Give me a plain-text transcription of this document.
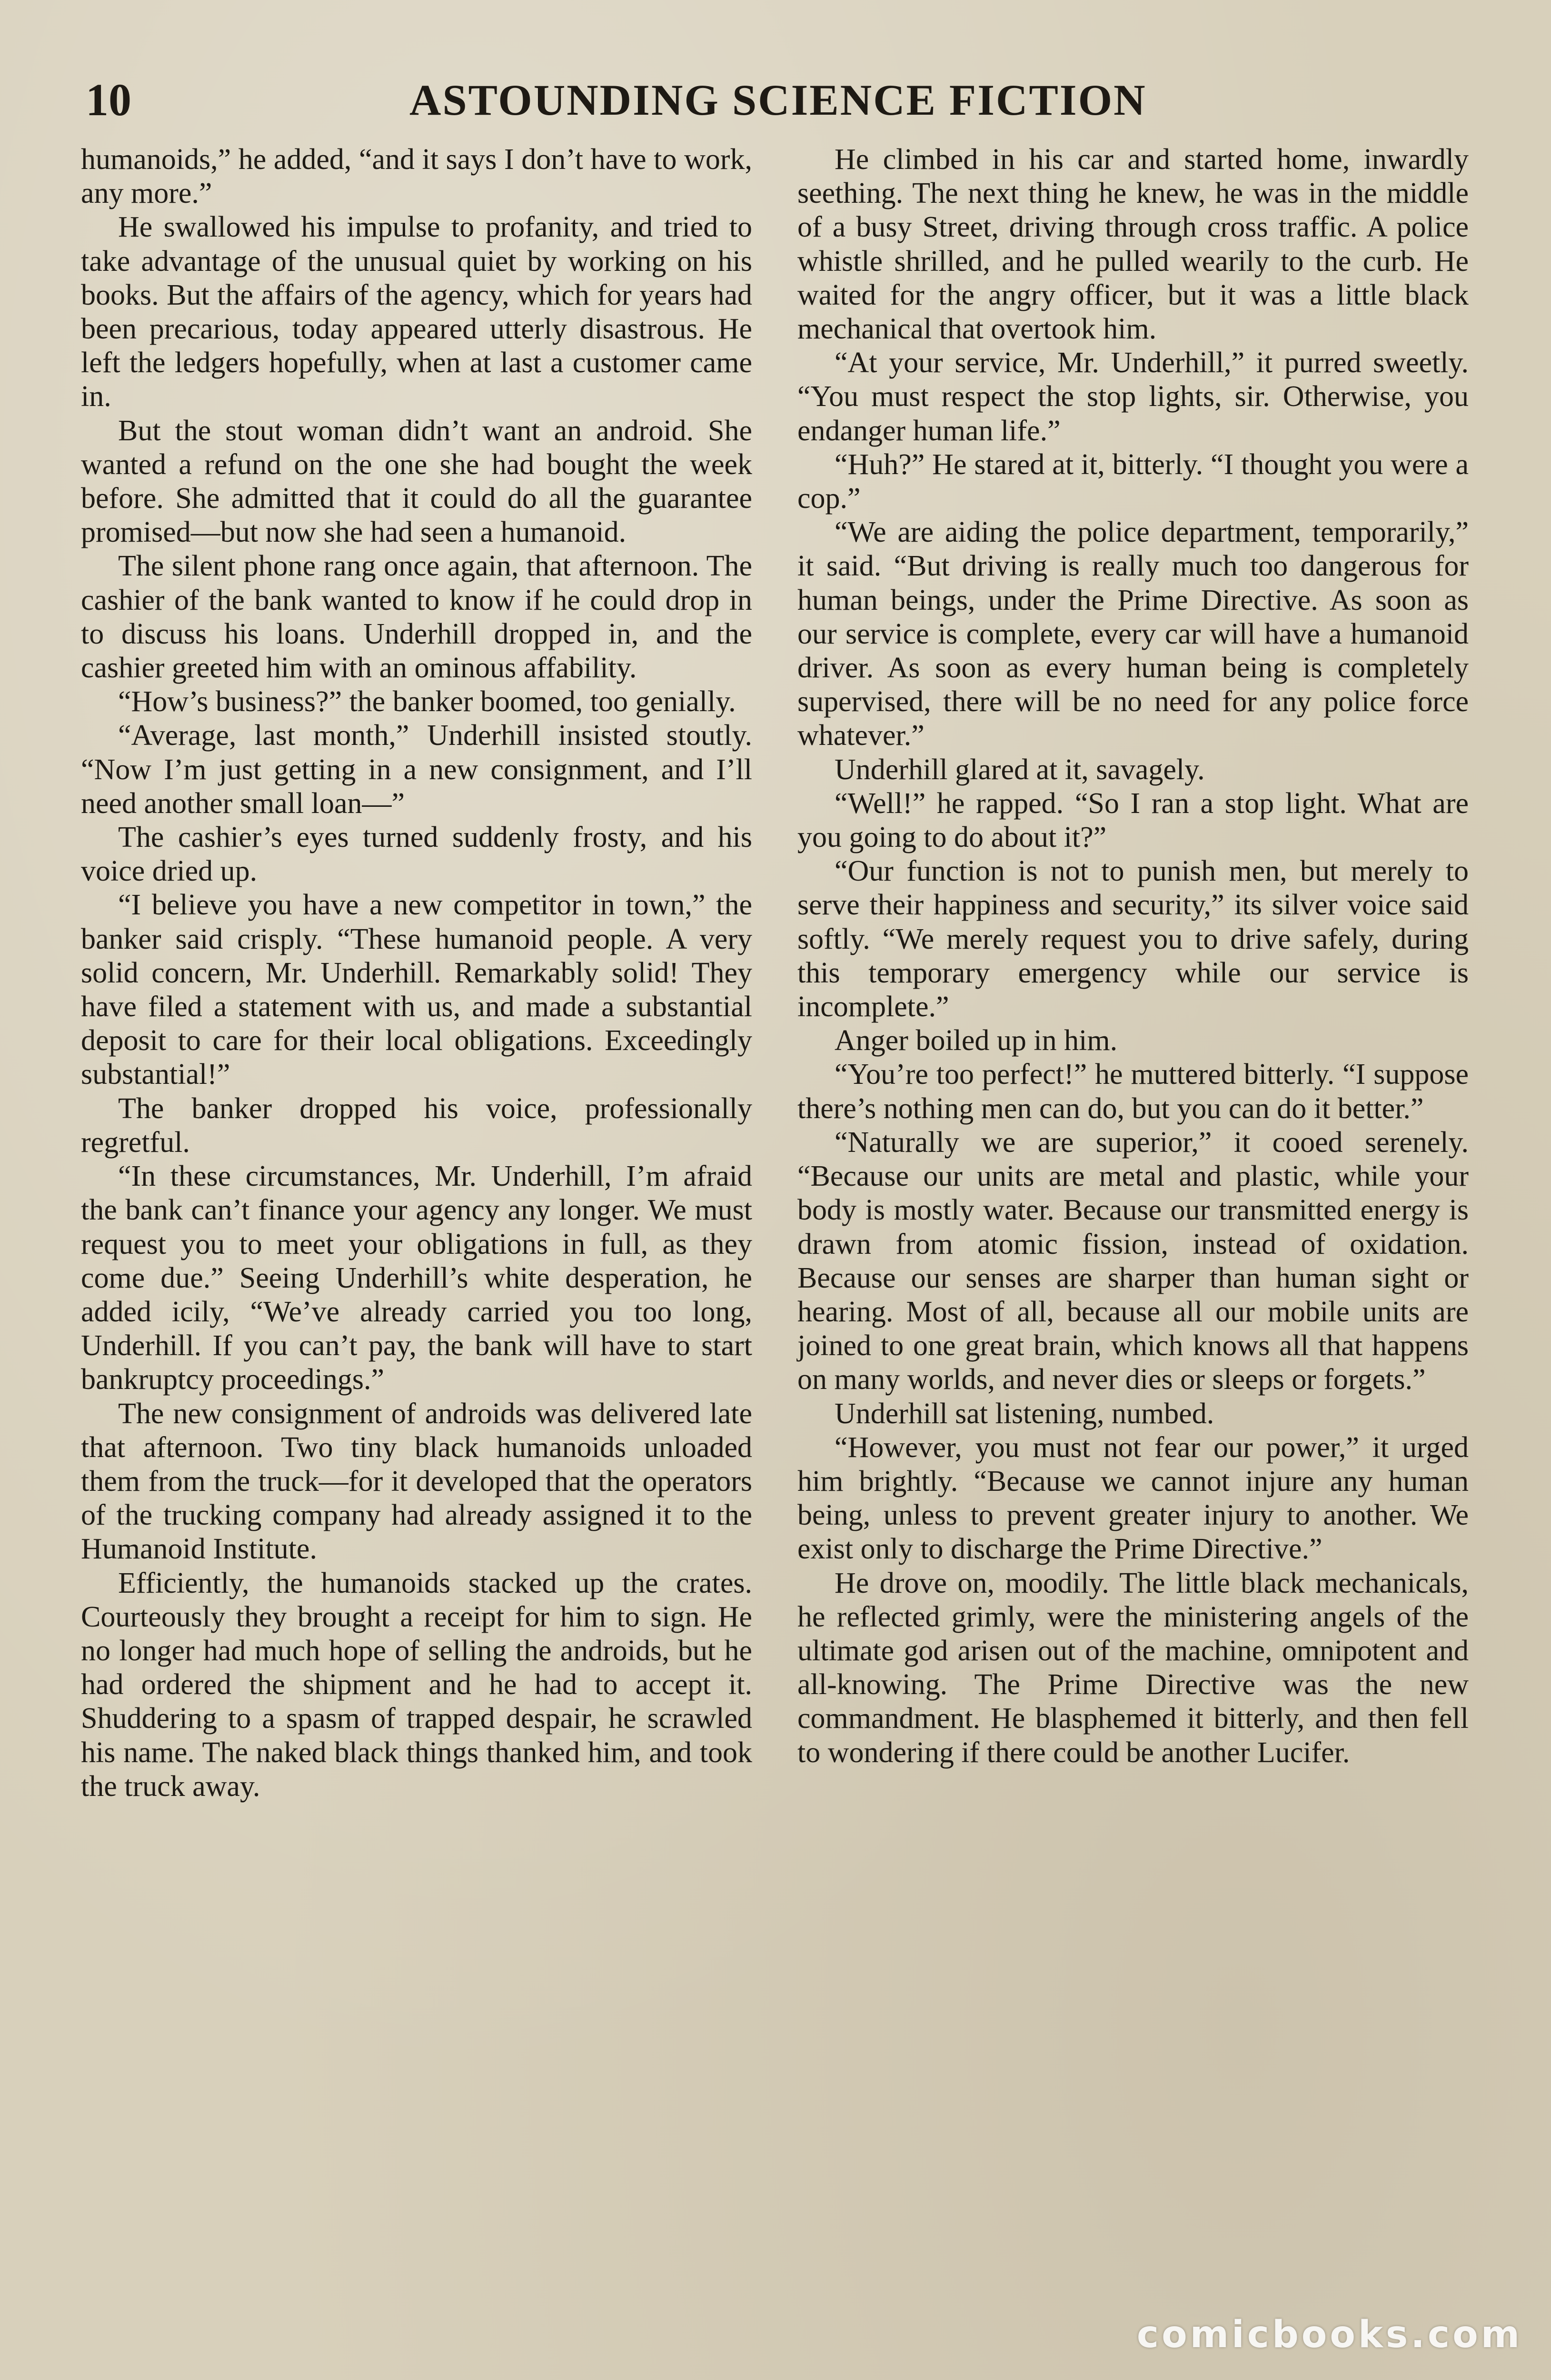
10	ASTOUNDING SCIENCE FICTION

humanoids,” he added, “and it says I don’t have to work, any more.”

He swallowed his impulse to profanity, and tried to take advantage of the unusual quiet by working on his books. But the affairs of the agency, which for years had been precarious, today appeared utterly disastrous. He left the ledgers hopefully, when at last a customer came in.

But the stout woman didn’t want an android. She wanted a refund on the one she had bought the week before. She admitted that it could do all the guarantee promised—but now she had seen a humanoid.

The silent phone rang once again, that afternoon. The cashier of the bank wanted to know if he could drop in to discuss his loans. Underhill dropped in, and the cashier greeted him with an ominous affability.

“How’s business?” the banker boomed, too genially.

“Average, last month,” Underhill insisted stoutly. “Now I’m just getting in a new consignment, and I’ll need another small loan—”

The cashier’s eyes turned suddenly frosty, and his voice dried up.

“I believe you have a new competitor in town,” the banker said crisply. “These humanoid people. A very solid concern, Mr. Underhill. Remarkably solid! They have filed a statement with us, and made a substantial deposit to care for their local obligations. Exceedingly substantial!”

The banker dropped his voice, professionally regretful.

“In these circumstances, Mr. Underhill, I’m afraid the bank can’t finance your agency any longer. We must request you to meet your obligations in full, as they come due.” Seeing Underhill’s white desperation, he added icily, “We’ve already carried you too long, Underhill. If you can’t pay, the bank will have to start bankruptcy proceedings.”

The new consignment of androids was delivered late that afternoon. Two tiny black humanoids unloaded them from the truck—for it developed that the operators of the trucking company had already assigned it to the Humanoid Institute.

Efficiently, the humanoids stacked up the crates. Courteously they brought a receipt for him to sign. He no longer had much hope of selling the androids, but he had ordered the shipment and he had to accept it. Shuddering to a spasm of trapped despair, he scrawled his name. The naked black things thanked him, and took the truck away.

He climbed in his car and started home, inwardly seething. The next thing he knew, he was in the middle of a busy Street, driving through cross traffic. A police whistle shrilled, and he pulled wearily to the curb. He waited for the angry officer, but it was a little black mechanical that overtook him.

“At your service, Mr. Underhill,” it purred sweetly. “You must respect the stop lights, sir. Otherwise, you endanger human life.”

“Huh?” He stared at it, bitterly. “I thought you were a cop.”

“We are aiding the police department, temporarily,” it said. “But driving is really much too dangerous for human beings, under the Prime Directive. As soon as our service is complete, every car will have a humanoid driver. As soon as every human being is completely supervised, there will be no need for any police force whatever.”

Underhill glared at it, savagely.

“Well!” he rapped. “So I ran a stop light. What are you going to do about it?”

“Our function is not to punish men, but merely to serve their happiness and security,” its silver voice said softly. “We merely request you to drive safely, during this temporary emergency while our service is incomplete.”

Anger boiled up in him.

“You’re too perfect!” he muttered bitterly. “I suppose there’s nothing men can do, but you can do it better.”

“Naturally we are superior,” it cooed serenely. “Because our units are metal and plastic, while your body is mostly water. Because our transmitted energy is drawn from atomic fission, instead of oxidation. Because our senses are sharper than human sight or hearing. Most of all, because all our mobile units are joined to one great brain, which knows all that happens on many worlds, and never dies or sleeps or forgets.”

Underhill sat listening, numbed.

“However, you must not fear our power,” it urged him brightly. “Because we cannot injure any human being, unless to prevent greater injury to another. We exist only to discharge the Prime Directive.”

He drove on, moodily. The little black mechanicals, he reflected grimly, were the ministering angels of the ultimate god arisen out of the machine, omnipotent and all-knowing. The Prime Directive was the new commandment. He blasphemed it bitterly, and then fell to wondering if there could be another Lucifer.

comicbooks.com
